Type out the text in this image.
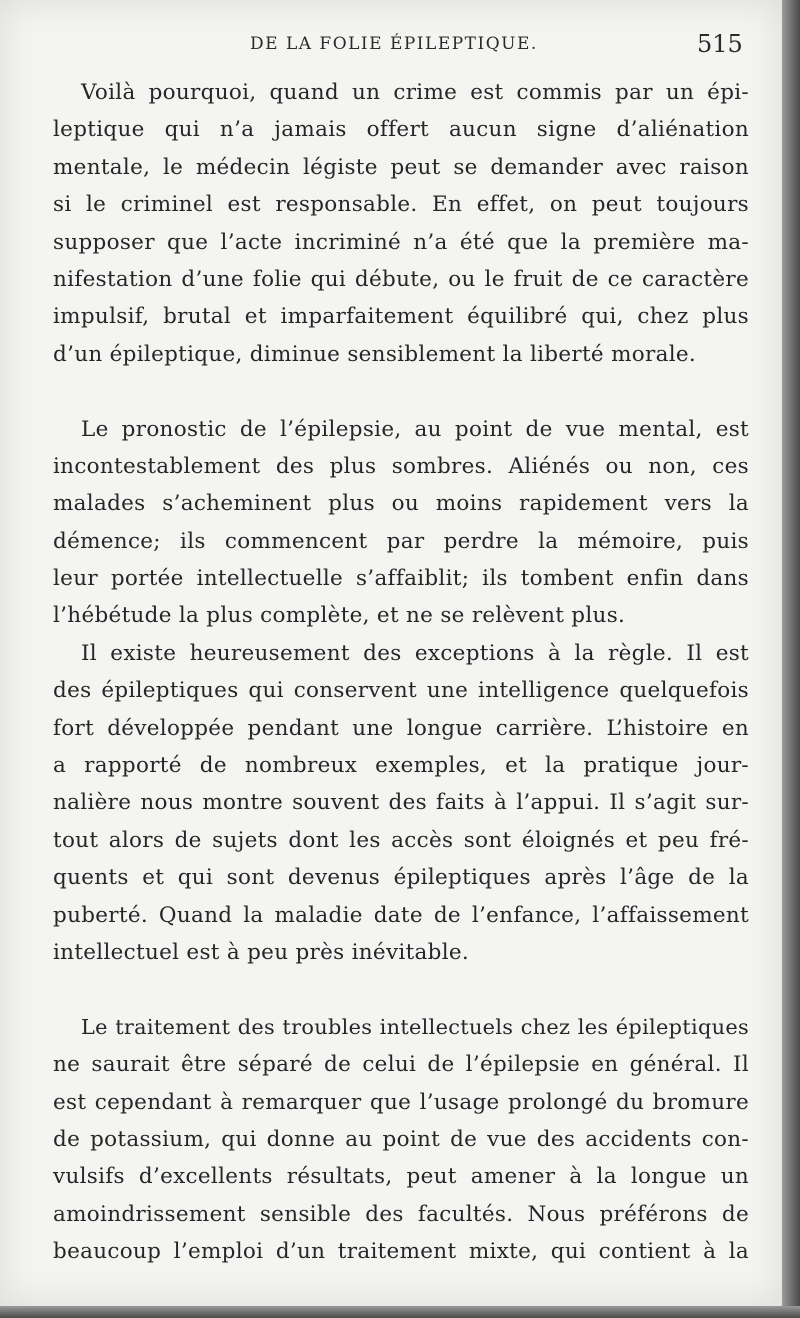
DE LA FOLIE ÉPILEPTIQUE.	515
Voilà pourquoi, quand un crime est commis par un épi-
leptique qui n’a jamais offert aucun signe d’aliénation
mentale, le médecin légiste peut se demander avec raison
si le criminel est responsable. En effet, on peut toujours
supposer que l’acte incriminé n’a été que la première ma-
nifestation d’une folie qui débute, ou le fruit de ce caractère
impulsif, brutal et imparfaitement équilibré qui, chez plus
d’un épileptique, diminue sensiblement la liberté morale.
Le pronostic de l’épilepsie, au point de vue mental, est
incontestablement des plus sombres. Aliénés ou non, ces
malades s’acheminent plus ou moins rapidement vers la
démence; ils commencent par perdre la mémoire, puis
leur portée intellectuelle s’affaiblit; ils tombent enfin dans
l’hébétude la plus complète, et ne se relèvent plus.
Il existe heureusement des exceptions à la règle. Il est
des épileptiques qui conservent une intelligence quelquefois
fort développée pendant une longue carrière. L’histoire en
a rapporté de nombreux exemples, et la pratique jour-
nalière nous montre souvent des faits à l’appui. Il s’agit sur-
tout alors de sujets dont les accès sont éloignés et peu fré-
quents et qui sont devenus épileptiques après l’âge de la
puberté. Quand la maladie date de l’enfance, l’affaissement
intellectuel est à peu près inévitable.
Le traitement des troubles intellectuels chez les épileptiques
ne saurait être séparé de celui de l’épilepsie en général. Il
est cependant à remarquer que l’usage prolongé du bromure
de potassium, qui donne au point de vue des accidents con-
vulsifs d’excellents résultats, peut amener à la longue un
amoindrissement sensible des facultés. Nous préférons de
beaucoup l’emploi d’un traitement mixte, qui contient à la
